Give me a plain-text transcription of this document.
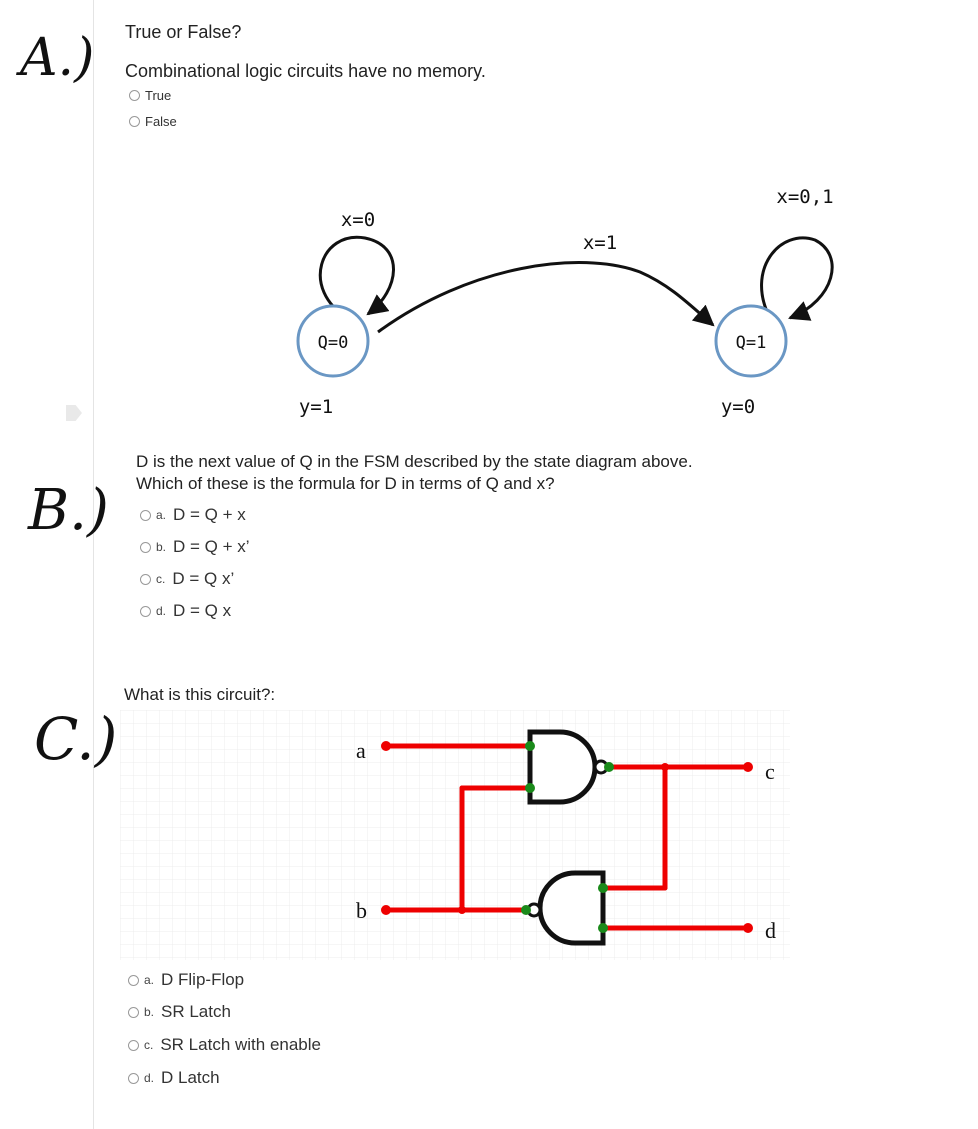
A.) True or False?
Combinational logic circuits have no memory.
True
False
Q=0	Q=1
x=0
x=0,1
x=1
y=1	y=0
B.)
D is the next value of Q in the FSM described by the state diagram above.
Which of these is the formula for D in terms of Q and x?
a. D = Q + x
b. D = Q + x’
c. D = Q x’
d. D = Q x
C.)
What is this circuit?:
a
b
c
d
a. D Flip-Flop
b. SR Latch
c. SR Latch with enable
d. D Latch
